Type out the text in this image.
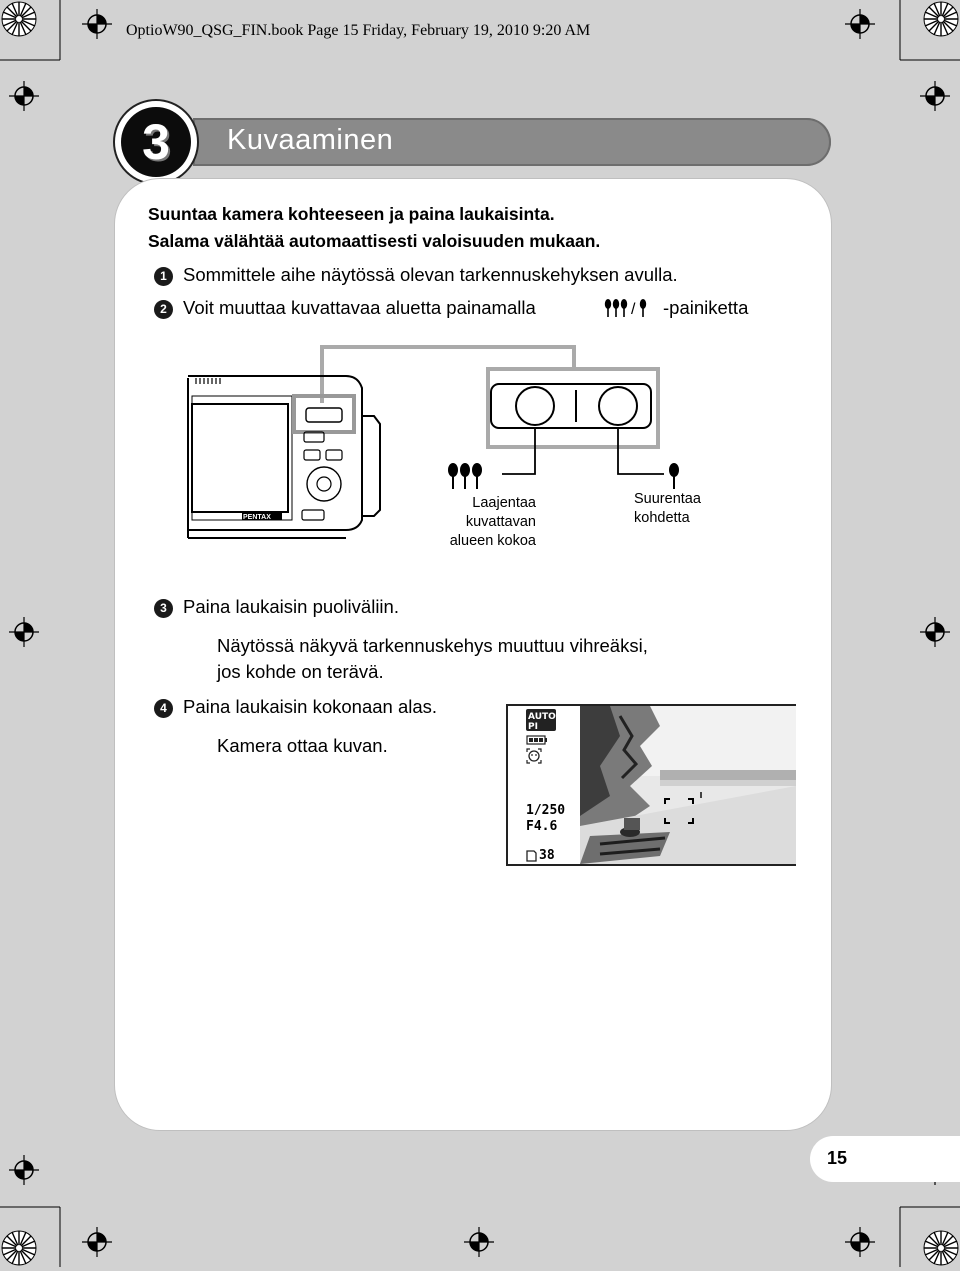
OptioW90_QSG_FIN.book Page 15 Friday, February 19, 2010 9:20 AM
Kuvaaminen
3
Suuntaa kamera kohteeseen ja paina laukaisinta.
Salama välähtää automaattisesti valoisuuden mukaan.
1 Sommittele aihe näytössä olevan tarkennuskehyksen avulla.
2 Voit muuttaa kuvattavaa aluetta painamalla	/ -painiketta
PENTAX
Laajentaa
kuvattavan
alueen kokoa
Suurentaa
kohdetta
3 Paina laukaisin puoliväliin.
Näytössä näkyvä tarkennuskehys muuttuu vihreäksi,
jos kohde on terävä.
4 Paina laukaisin kokonaan alas.
Kamera ottaa kuvan.
AUTO
PI
1/250
F4.6
38
15
